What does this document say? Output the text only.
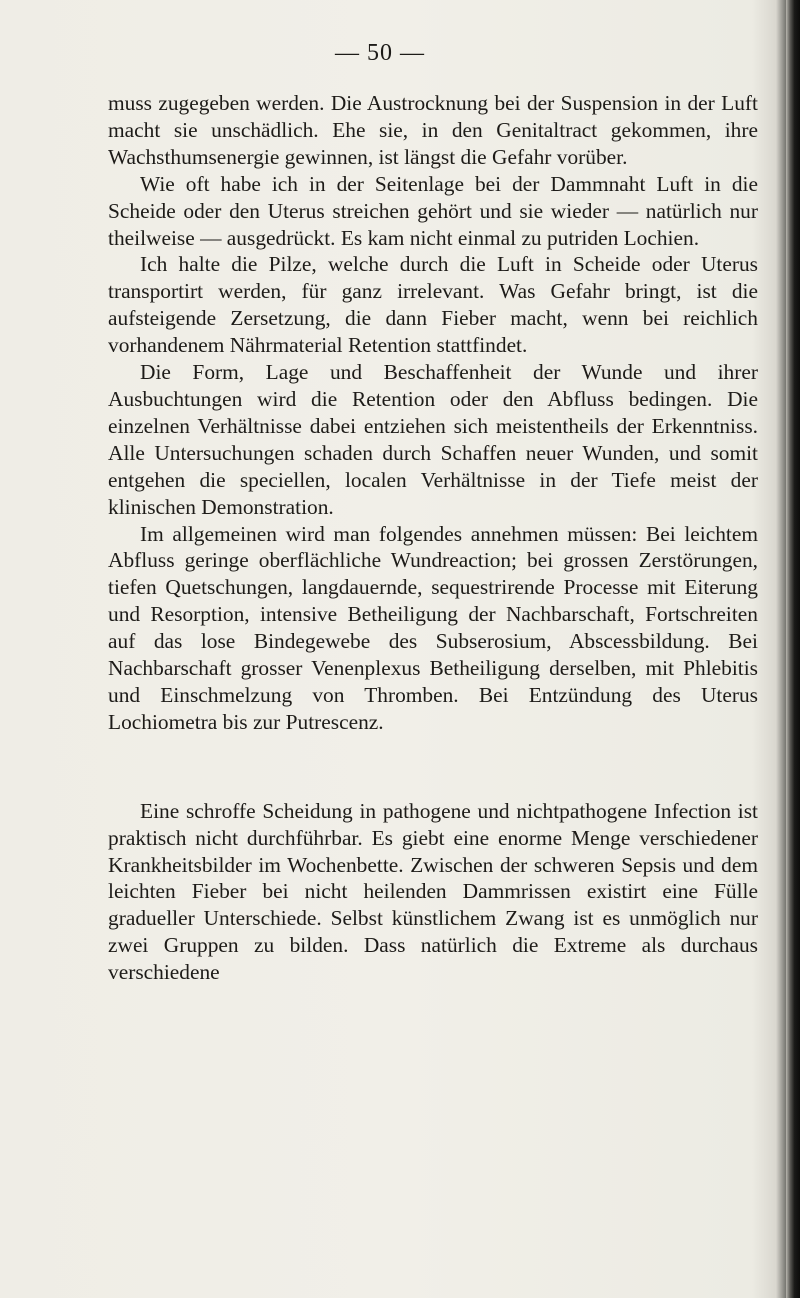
— 50 —

muss zugegeben werden. Die Austrocknung bei der Suspension in der Luft macht sie unschädlich. Ehe sie, in den Genitaltract gekommen, ihre Wachsthumsenergie gewinnen, ist längst die Gefahr vorüber.

Wie oft habe ich in der Seitenlage bei der Dammnaht Luft in die Scheide oder den Uterus streichen gehört und sie wieder — natürlich nur theilweise — ausgedrückt. Es kam nicht einmal zu putriden Lochien.

Ich halte die Pilze, welche durch die Luft in Scheide oder Uterus transportirt werden, für ganz irrelevant. Was Gefahr bringt, ist die aufsteigende Zersetzung, die dann Fieber macht, wenn bei reichlich vorhandenem Nährmaterial Retention stattfindet.

Die Form, Lage und Beschaffenheit der Wunde und ihrer Ausbuchtungen wird die Retention oder den Abfluss bedingen. Die einzelnen Verhältnisse dabei entziehen sich meistentheils der Erkenntniss. Alle Untersuchungen schaden durch Schaffen neuer Wunden, und somit entgehen die speciellen, localen Verhältnisse in der Tiefe meist der klinischen Demonstration.

Im allgemeinen wird man folgendes annehmen müssen: Bei leichtem Abfluss geringe oberflächliche Wundreaction; bei grossen Zerstörungen, tiefen Quetschungen, langdauernde, sequestrirende Processe mit Eiterung und Resorption, intensive Betheiligung der Nachbarschaft, Fortschreiten auf das lose Bindegewebe des Subserosium, Abscessbildung. Bei Nachbarschaft grosser Venenplexus Betheiligung derselben, mit Phlebitis und Einschmelzung von Thromben. Bei Entzündung des Uterus Lochiometra bis zur Putrescenz.

Eine schroffe Scheidung in pathogene und nichtpathogene Infection ist praktisch nicht durchführbar. Es giebt eine enorme Menge verschiedener Krankheitsbilder im Wochenbette. Zwischen der schweren Sepsis und dem leichten Fieber bei nicht heilenden Dammrissen existirt eine Fülle gradueller Unterschiede. Selbst künstlichem Zwang ist es unmöglich nur zwei Gruppen zu bilden. Dass natürlich die Extreme als durchaus verschiedene
